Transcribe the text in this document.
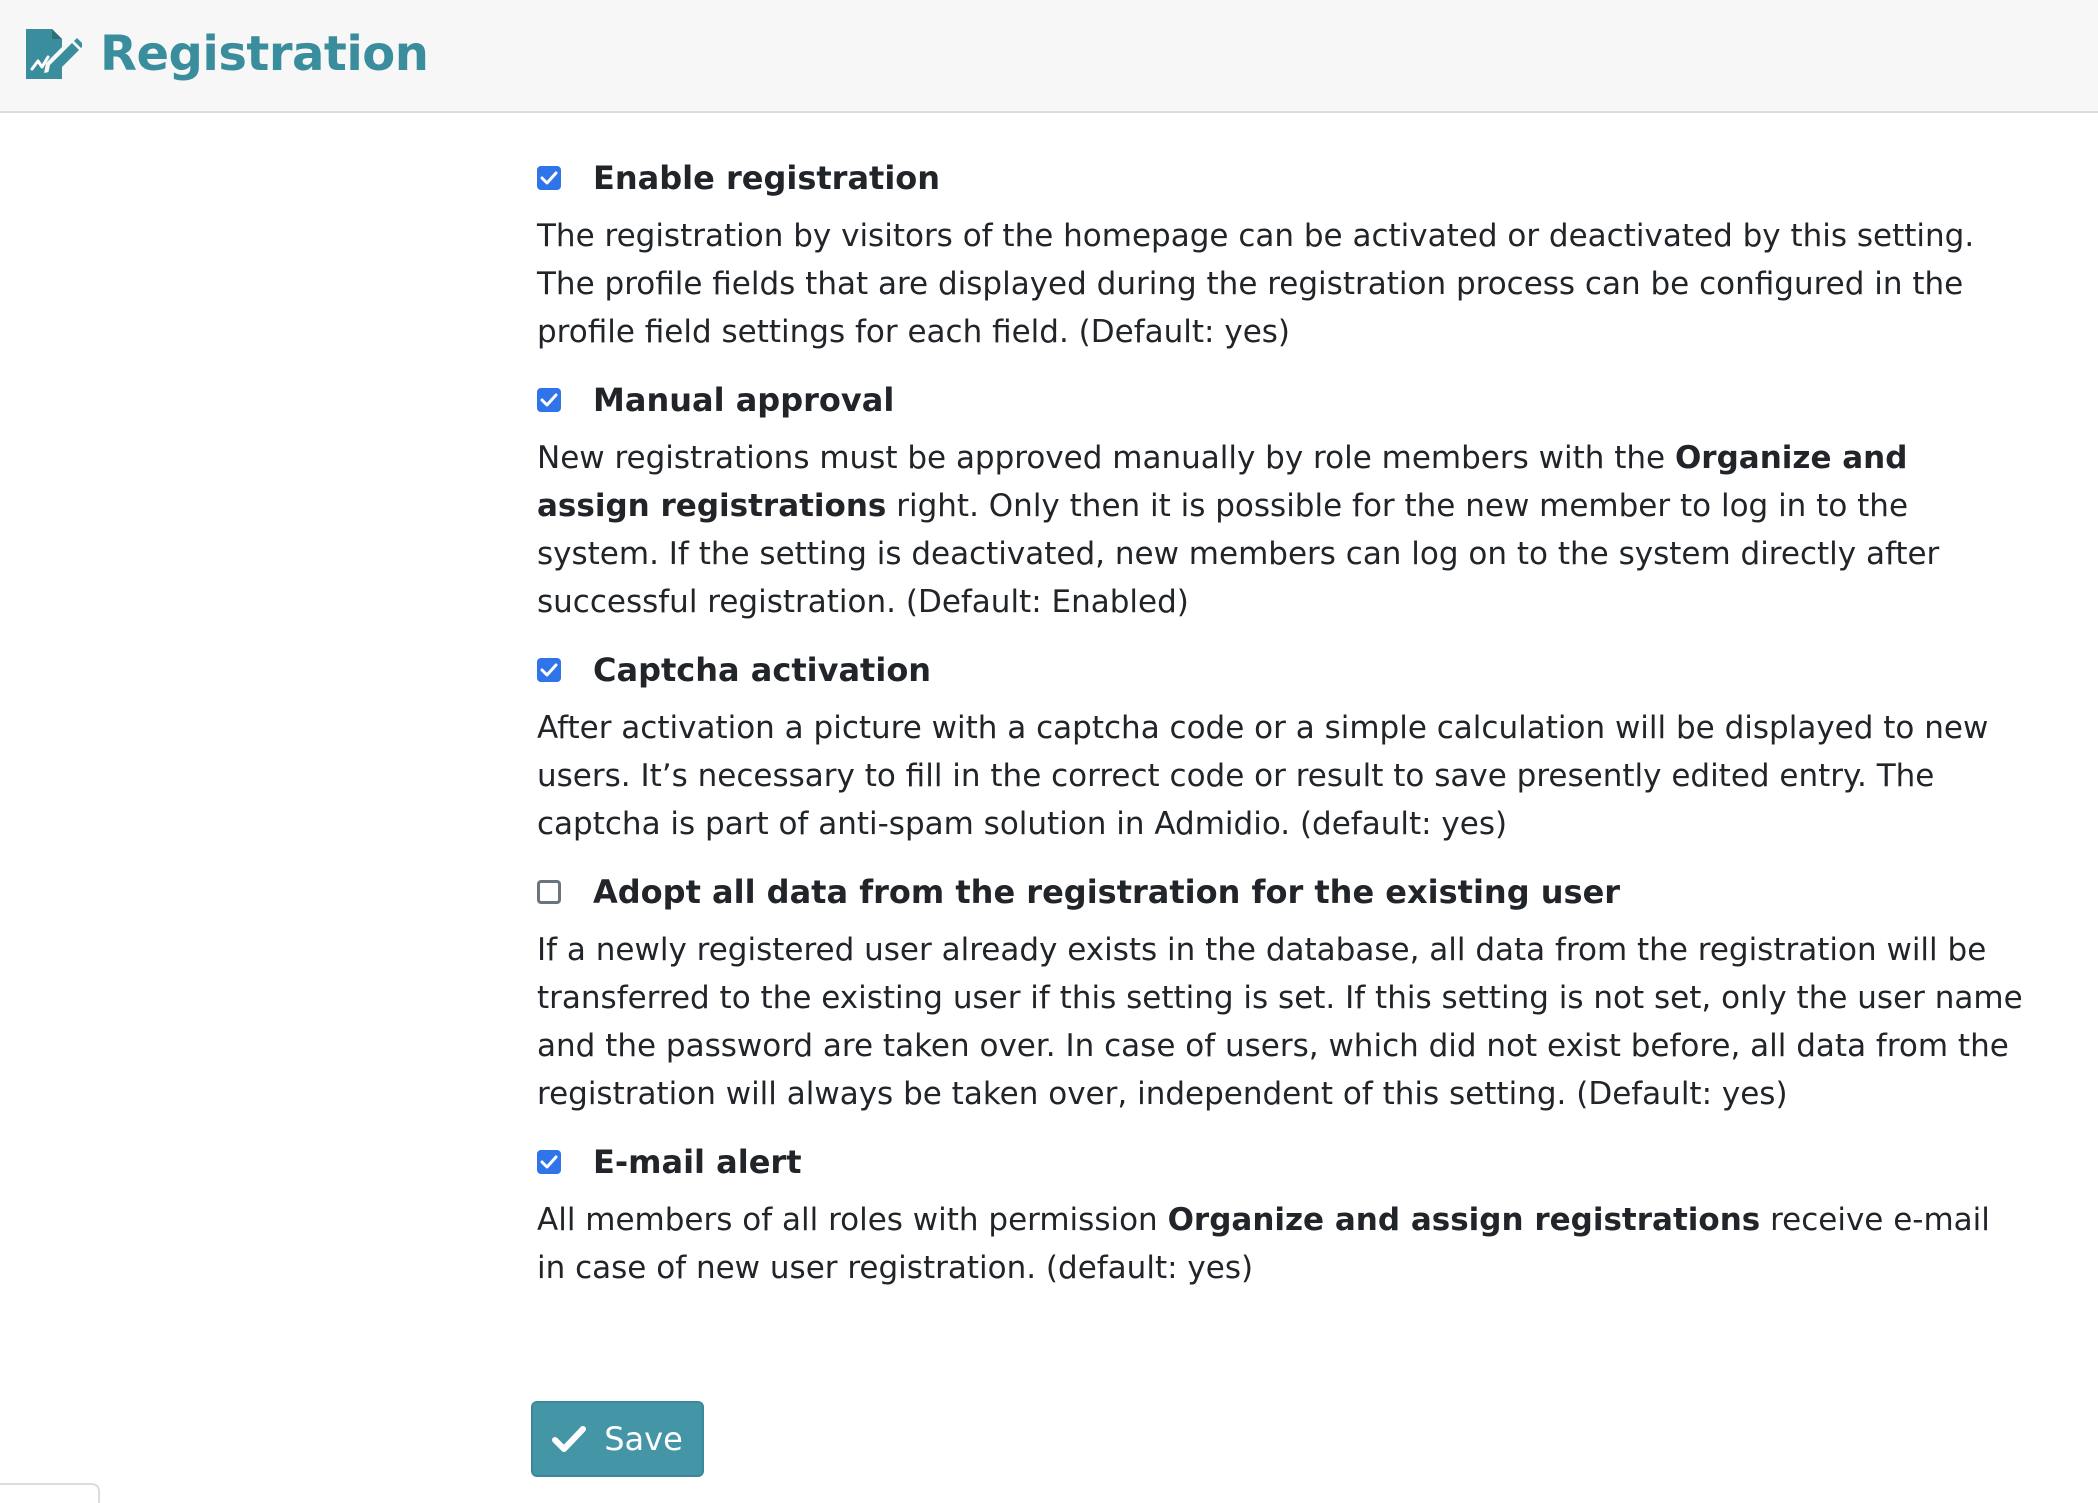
Registration
Enable registration
The registration by visitors of the homepage can be activated or deactivated by this setting. The profile fields that are displayed during the registration process can be configured in the profile field settings for each field. (Default: yes)
Manual approval
New registrations must be approved manually by role members with the Organize and assign registrations right. Only then it is possible for the new member to log in to the system. If the setting is deactivated, new members can log on to the system directly after successful registration. (Default: Enabled)
Captcha activation
After activation a picture with a captcha code or a simple calculation will be displayed to new users. It’s necessary to fill in the correct code or result to save presently edited entry. The captcha is part of anti-spam solution in Admidio. (default: yes)
Adopt all data from the registration for the existing user
If a newly registered user already exists in the database, all data from the registration will be transferred to the existing user if this setting is set. If this setting is not set, only the user name and the password are taken over. In case of users, which did not exist before, all data from the registration will always be taken over, independent of this setting. (Default: yes)
E-mail alert
All members of all roles with permission Organize and assign registrations receive e-mail in case of new user registration. (default: yes)
Save
